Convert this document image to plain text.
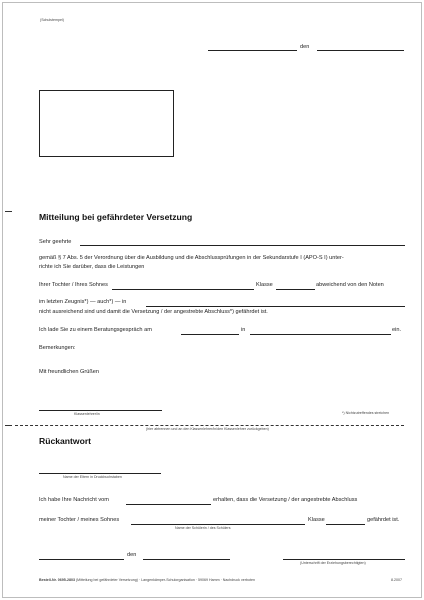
(Schulstempel)
den
Mitteilung bei gefährdeter Versetzung
Sehr geehrte
gemäß § 7 Abs. 5 der Verordnung über die Ausbildung und die Abschlussprüfungen in der Sekundarstufe I (APO-S I) unter-
richte ich Sie darüber, dass die Leistungen
Ihrer Tochter / Ihres Sohnes	Klasse	abweichend von den Noten
im letzten Zeugnis*) — auch*) — in
nicht ausreichend sind und damit die Versetzung / der angestrebte Abschluss*) gefährdet ist.
Ich lade Sie zu einem Beratungsgespräch am	in	ein.
Bemerkungen:
Mit freundlichen Grüßen
Klassenlehrer/in	*) Nichtzutreffendes streichen
(hier abtrennen und an den Klassenlehrer/in/den Klassenlehrer zurückgeben)
Rückantwort
Name der Eltern in Druckbuchstaben
Ich habe Ihre Nachricht vom	erhalten, dass die Versetzung / der angestrebte Abschluss
meiner Tochter / meines Sohnes	Klasse	gefährdet ist.
Name der Schülerin / des Schülers
den
(Unterschrift der Erziehungsberechtigten)
Bestell-Nr. 0695-2803 (Mitteilung bei gefährdeter Versetzung) · Langenkämper-Schulorganisation · 59069 Hamm · Nachdruck verboten	8.2007
